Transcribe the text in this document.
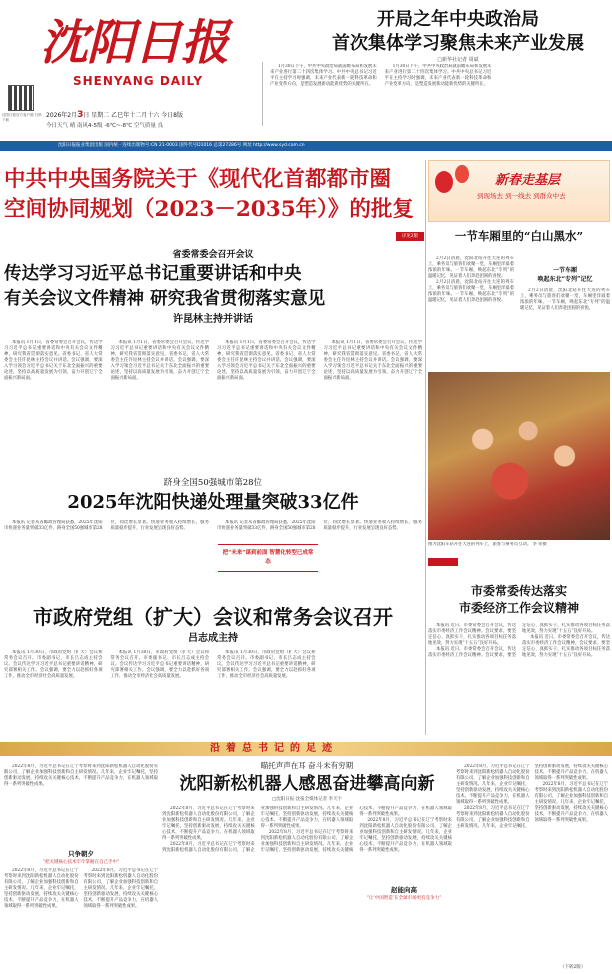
沈阳日报
SHENYANG DAILY
沈阳日报官方客户端 扫码下载
2026年2月3日 星期二 乙巳年十二月十六 今日8版
今日天气 晴 南风4-5级 -6℃~-8℃ 空气质量 良
开局之年中央政治局
首次集体学习聚焦未来产业发展
□新华社记者 周斌

1月30日下午，中共中央政治局就前瞻布局和发展未来产业进行第二十四次集体学习。中共中央总书记习近平在主持学习时强调，未来产业代表新一轮科技革命和产业变革方向，是塑造发展新动能新优势的关键所在。

1月30日下午，中共中央政治局就前瞻布局和发展未来产业进行第二十四次集体学习。中共中央总书记习近平在主持学习时强调，未来产业代表新一轮科技革命和产业变革方向，是塑造发展新动能新优势的关键所在。

沈阳日报报业集团出版 国内统一连续出版物号:CN 21-0003 国外代号D1016 总第27286号 网址 http://www.syd.com.cn
中共中央国务院关于《现代化首都都市圈
空间协同规划（2023－2035年）》的批复
详见2版
新春走基层
到现场去 到一线去 到群众中去
省委常委会召开会议
传达学习习近平总书记重要讲话和中央
有关会议文件精神 研究我省贯彻落实意见
许昆林主持并讲话

本报讯 1月1日，省委常委会召开会议，传达学习习近平总书记重要讲话和中央有关会议文件精神，研究我省贯彻落实意见。省委书记、省人大常委会主任许昆林主持会议并讲话。会议强调，要深入学习领会习近平总书记关于东北全面振兴的重要论述，坚持以高质量发展为引领，奋力开创辽宁全面振兴新局面。

本报讯 1月1日，省委常委会召开会议，传达学习习近平总书记重要讲话和中央有关会议文件精神，研究我省贯彻落实意见。省委书记、省人大常委会主任许昆林主持会议并讲话。会议强调，要深入学习领会习近平总书记关于东北全面振兴的重要论述，坚持以高质量发展为引领，奋力开创辽宁全面振兴新局面。

本报讯 1月1日，省委常委会召开会议，传达学习习近平总书记重要讲话和中央有关会议文件精神，研究我省贯彻落实意见。省委书记、省人大常委会主任许昆林主持会议并讲话。会议强调，要深入学习领会习近平总书记关于东北全面振兴的重要论述，坚持以高质量发展为引领，奋力开创辽宁全面振兴新局面。

本报讯 1月1日，省委常委会召开会议，传达学习习近平总书记重要讲话和中央有关会议文件精神，研究我省贯彻落实意见。省委书记、省人大常委会主任许昆林主持会议并讲话。会议强调，要深入学习领会习近平总书记关于东北全面振兴的重要论述，坚持以高质量发展为引领，奋力开创辽宁全面振兴新局面。

跻身全国50强城市第28位
2025年沈阳快递处理量突破33亿件

本报讯 记者从省邮政管理局获悉，2025年沈阳市快递业务量突破33亿件，跻身全国50强城市第28位，同比增长显著。快递业务收入持续增长，服务质量稳步提升，行业发展呈现良好态势。

本报讯 记者从省邮政管理局获悉，2025年沈阳市快递业务量突破33亿件，跻身全国50强城市第28位，同比增长显著。快递业务收入持续增长，服务质量稳步提升，行业发展呈现良好态势。

把“未来”谋到前面 智慧化转型已成常态
市政府党组（扩大）会议和常务会议召开
吕志成主持

本报讯 1月30日，市政府党组（扩大）会议和常务会议召开。市委副书记、市长吕志成主持会议。会议传达学习习近平总书记重要讲话精神，研究部署相关工作。会议强调，要全力以赴抓好各项工作，推动全市经济社会高质量发展。

本报讯 1月30日，市政府党组（扩大）会议和常务会议召开。市委副书记、市长吕志成主持会议。会议传达学习习近平总书记重要讲话精神，研究部署相关工作。会议强调，要全力以赴抓好各项工作，推动全市经济社会高质量发展。

本报讯 1月30日，市政府党组（扩大）会议和常务会议召开。市委副书记、市长吕志成主持会议。会议传达学习习近平总书记重要讲话精神，研究部署相关工作。会议强调，要全力以赴抓好各项工作，推动全市经济社会高质量发展。

一节车厢里的“白山黑水”

2月2日清晨，沈阳北站开往大连的列车上，乘务员与旅客们欢聚一堂，车厢里洋溢着浓浓的年味。一节车厢，唤起东北“专列”的温暖记忆，见证着人们奔赴团圆的喜悦。

2月2日清晨，沈阳北站开往大连的列车上，乘务员与旅客们欢聚一堂，车厢里洋溢着浓浓的年味。一节车厢，唤起东北“专列”的温暖记忆，见证着人们奔赴团圆的喜悦。

一节车厢
唤起东北“专列”记忆

2月2日清晨，沈阳北站开往大连的列车上，乘务员与旅客们欢聚一堂，车厢里洋溢着浓浓的年味。一节车厢，唤起东北“专列”的温暖记忆，见证着人们奔赴团圆的喜悦。

图为沈阳车站开往大连的列车上，旅客与乘务员互动。 李 伟摄
市委常委传达落实
市委经济工作会议精神

本报讯 近日，市委常委会召开会议，传达落实市委经济工作会议精神。会议要求，要坚定信心、真抓实干，扎实推动各项目标任务落地见效，努力实现“十五五”良好开局。

本报讯 近日，市委常委会召开会议，传达落实市委经济工作会议精神。会议要求，要坚定信心、真抓实干，扎实推动各项目标任务落地见效，努力实现“十五五”良好开局。

本报讯 近日，市委常委会召开会议，传达落实市委经济工作会议精神。会议要求，要坚定信心、真抓实干，扎实推动各项目标任务落地见效，努力实现“十五五”良好开局。

沿着总书记的足迹

2022年8月，习近平总书记在辽宁考察时来到沈阳新松机器人自动化股份有限公司，了解企业加强科技创新和自主研发情况。几年来，企业牢记嘱托，坚持创新驱动发展，持续攻关关键核心技术，不断提升产品竞争力，在机器人领域取得一系列突破性成果。

瞄托声声在耳 奋斗未有穷期
沈阳新松机器人感恩奋进攀高向新
□沈阳日报·沈报全媒体记者 李天宇
只争朝夕
“把关键核心技术牢牢掌握在自己手中”

2022年8月，习近平总书记在辽宁考察时来到沈阳新松机器人自动化股份有限公司，了解企业加强科技创新和自主研发情况。几年来，企业牢记嘱托，坚持创新驱动发展，持续攻关关键核心技术，不断提升产品竞争力，在机器人领域取得一系列突破性成果。

2022年8月，习近平总书记在辽宁考察时来到沈阳新松机器人自动化股份有限公司，了解企业加强科技创新和自主研发情况。几年来，企业牢记嘱托，坚持创新驱动发展，持续攻关关键核心技术，不断提升产品竞争力，在机器人领域取得一系列突破性成果。

2022年8月，习近平总书记在辽宁考察时来到沈阳新松机器人自动化股份有限公司，了解企业加强科技创新和自主研发情况。几年来，企业牢记嘱托，坚持创新驱动发展，持续攻关关键核心技术，不断提升产品竞争力，在机器人领域取得一系列突破性成果。

2022年8月，习近平总书记在辽宁考察时来到沈阳新松机器人自动化股份有限公司，了解企业加强科技创新和自主研发情况。几年来，企业牢记嘱托，坚持创新驱动发展，持续攻关关键核心技术，不断提升产品竞争力，在机器人领域取得一系列突破性成果。

2022年8月，习近平总书记在辽宁考察时来到沈阳新松机器人自动化股份有限公司，了解企业加强科技创新和自主研发情况。几年来，企业牢记嘱托，坚持创新驱动发展，持续攻关关键核心技术，不断提升产品竞争力，在机器人领域取得一系列突破性成果。

2022年8月，习近平总书记在辽宁考察时来到沈阳新松机器人自动化股份有限公司，了解企业加强科技创新和自主研发情况。几年来，企业牢记嘱托，坚持创新驱动发展，持续攻关关键核心技术，不断提升产品竞争力，在机器人领域取得一系列突破性成果。

赵能向高
“让‘中国智造’在全球市场更有竞争力”

2022年8月，习近平总书记在辽宁考察时来到沈阳新松机器人自动化股份有限公司，了解企业加强科技创新和自主研发情况。几年来，企业牢记嘱托，坚持创新驱动发展，持续攻关关键核心技术，不断提升产品竞争力，在机器人领域取得一系列突破性成果。

2022年8月，习近平总书记在辽宁考察时来到沈阳新松机器人自动化股份有限公司，了解企业加强科技创新和自主研发情况。几年来，企业牢记嘱托，坚持创新驱动发展，持续攻关关键核心技术，不断提升产品竞争力，在机器人领域取得一系列突破性成果。

2022年8月，习近平总书记在辽宁考察时来到沈阳新松机器人自动化股份有限公司，了解企业加强科技创新和自主研发情况。几年来，企业牢记嘱托，坚持创新驱动发展，持续攻关关键核心技术，不断提升产品竞争力，在机器人领域取得一系列突破性成果。

（下转2版）
